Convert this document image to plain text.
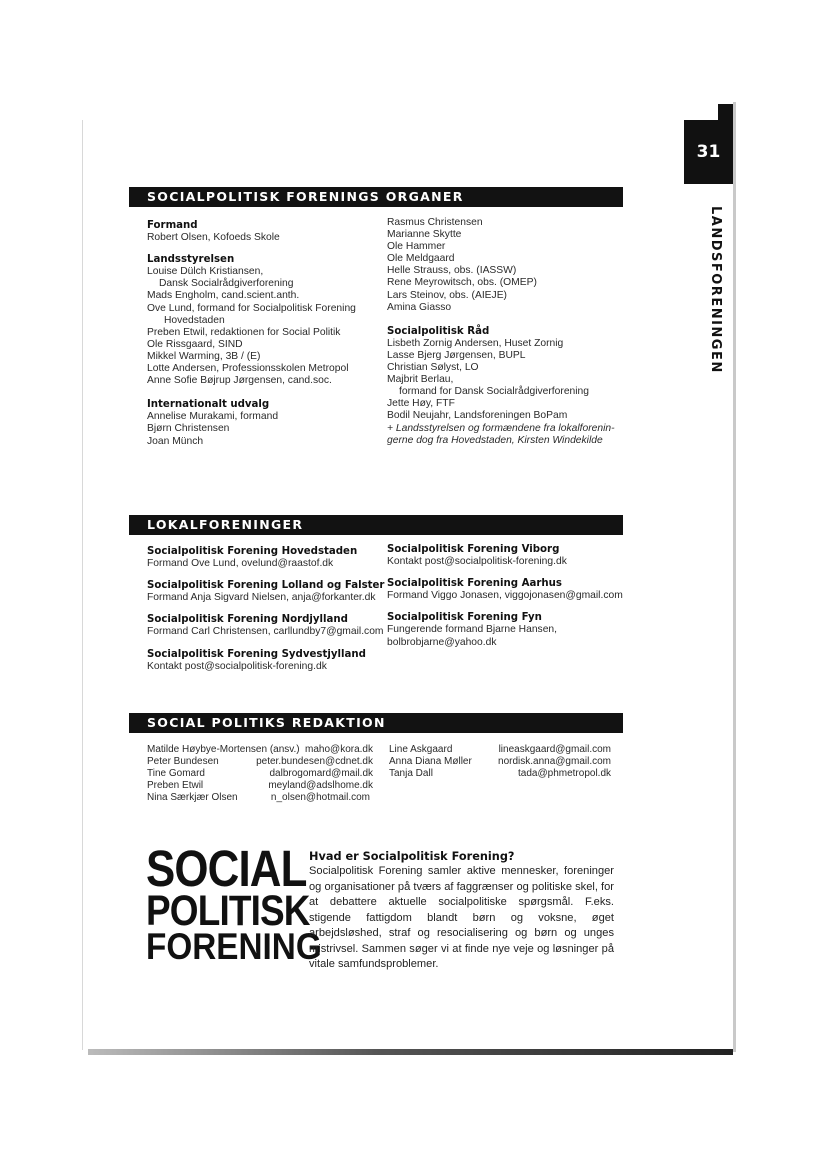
31
LANDSFORENINGEN
SOCIALPOLITISK FORENINGS ORGANER
Formand
Robert Olsen, Kofoeds Skole
Landsstyrelsen
Louise Dülch Kristiansen,
Dansk Socialrådgiverforening
Mads Engholm, cand.scient.anth.
Ove Lund, formand for Socialpolitisk Forening
Hovedstaden
Preben Etwil, redaktionen for Social Politik
Ole Rissgaard, SIND
Mikkel Warming, 3B / (E)
Lotte Andersen, Professionsskolen Metropol
Anne Sofie Bøjrup Jørgensen, cand.soc.
Internationalt udvalg
Annelise Murakami, formand
Bjørn Christensen
Joan Münch
Rasmus Christensen
Marianne Skytte
Ole Hammer
Ole Meldgaard
Helle Strauss, obs. (IASSW)
Rene Meyrowitsch, obs. (OMEP)
Lars Steinov, obs. (AIEJE)
Amina Giasso
Socialpolitisk Råd
Lisbeth Zornig Andersen, Huset Zornig
Lasse Bjerg Jørgensen, BUPL
Christian Sølyst, LO
Majbrit Berlau,
formand for Dansk Socialrådgiverforening
Jette Høy, FTF
Bodil Neujahr, Landsforeningen BoPam
+ Landsstyrelsen og formændene fra lokalforenin-
gerne dog fra Hovedstaden, Kirsten Windekilde
LOKALFORENINGER
Socialpolitisk Forening Hovedstaden
Formand Ove Lund, ovelund@raastof.dk
Socialpolitisk Forening Lolland og Falster
Formand Anja Sigvard Nielsen, anja@forkanter.dk
Socialpolitisk Forening Nordjylland
Formand Carl Christensen, carllundby7@gmail.com
Socialpolitisk Forening Sydvestjylland
Kontakt post@socialpolitisk-forening.dk
Socialpolitisk Forening Viborg
Kontakt post@socialpolitisk-forening.dk
Socialpolitisk Forening Aarhus
Formand Viggo Jonasen, viggojonasen@gmail.com
Socialpolitisk Forening Fyn
Fungerende formand Bjarne Hansen,
bolbrobjarne@yahoo.dk
SOCIAL POLITIKS REDAKTION
Matilde Høybye-Mortensen (ansv.) maho@kora.dk
Peter Bundesen	peter.bundesen@cdnet.dk
Tine Gomard	dalbrogomard@mail.dk
Preben Etwil	meyland@adslhome.dk
Nina Særkjær Olsen	n_olsen@hotmail.com
Line Askgaard	lineaskgaard@gmail.com
Anna Diana Møller	nordisk.anna@gmail.com
Tanja Dall	tada@phmetropol.dk
SOCIAL
POLITISK
FORENING
Hvad er Socialpolitisk Forening?
Socialpolitisk Forening samler aktive mennesker, foreninger og organisationer på tværs af faggrænser og politiske skel, for at debattere aktuelle socialpolitiske spørgsmål. F.eks. stigende fattigdom blandt børn og voksne, øget arbejdsløshed, straf og resocialisering og børn og unges mistrivsel. Sammen søger vi at finde nye veje og løsninger på vitale samfundsproblemer.
